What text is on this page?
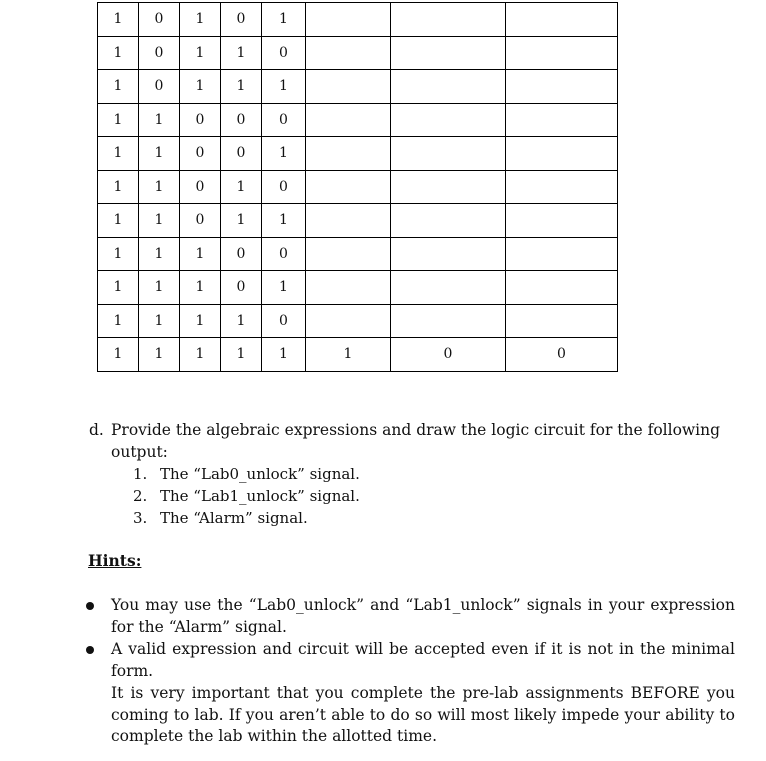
1	0	1	0	1			
1	0	1	1	0			
1	0	1	1	1			
1	1	0	0	0			
1	1	0	0	1			
1	1	0	1	0			
1	1	0	1	1			
1	1	1	0	0			
1	1	1	0	1			
1	1	1	1	0			
1	1	1	1	1	1	0	0
d. Provide the algebraic expressions and draw the logic circuit for the following
output:
1. The “Lab0_unlock” signal.
2. The “Lab1_unlock” signal.
3. The “Alarm” signal.
Hints:
You may use the “Lab0_unlock” and “Lab1_unlock” signals in your expression for the “Alarm” signal.
A valid expression and circuit will be accepted even if it is not in the minimal form.
It is very important that you complete the pre-lab assignments BEFORE you coming to lab. If you aren’t able to do so will most likely impede your ability to complete the lab within the allotted time.
